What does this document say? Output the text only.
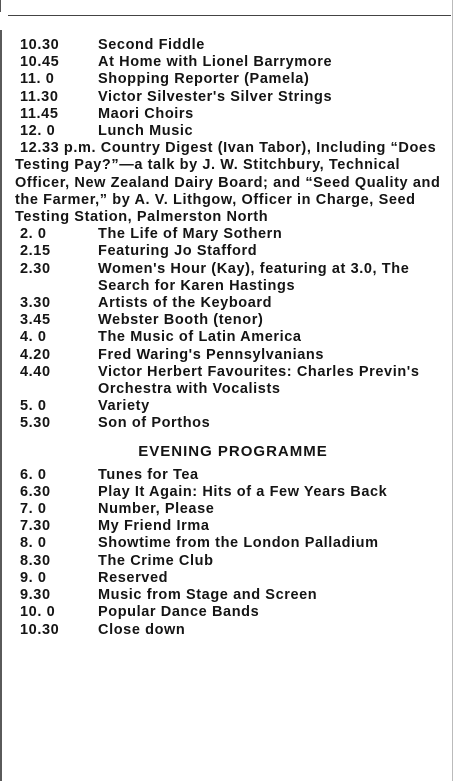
10.30	Second Fiddle
10.45	At Home with Lionel Barrymore
11. 0	Shopping Reporter (Pamela)
11.30	Victor Silvester's Silver Strings
11.45	Maori Choirs
12. 0	Lunch Music
12.33 p.m. Country Digest (Ivan Tabor), Including “Does Testing Pay?”—a talk by J. W. Stitchbury, Technical Officer, New Zealand Dairy Board; and “Seed Quality and the Farmer,” by A. V. Lithgow, Officer in Charge, Seed Testing Station, Palmerston North
2. 0	The Life of Mary Sothern
2.15	Featuring Jo Stafford
2.30	Women's Hour (Kay), featuring at 3.0, The Search for Karen Hastings
3.30	Artists of the Keyboard
3.45	Webster Booth (tenor)
4. 0	The Music of Latin America
4.20	Fred Waring's Pennsylvanians
4.40	Victor Herbert Favourites: Charles Previn's Orchestra with Vocalists
5. 0	Variety
5.30	Son of Porthos
EVENING PROGRAMME
6. 0	Tunes for Tea
6.30	Play It Again: Hits of a Few Years Back
7. 0	Number, Please
7.30	My Friend Irma
8. 0	Showtime from the London Palladium
8.30	The Crime Club
9. 0	Reserved
9.30	Music from Stage and Screen
10. 0	Popular Dance Bands
10.30	Close down
